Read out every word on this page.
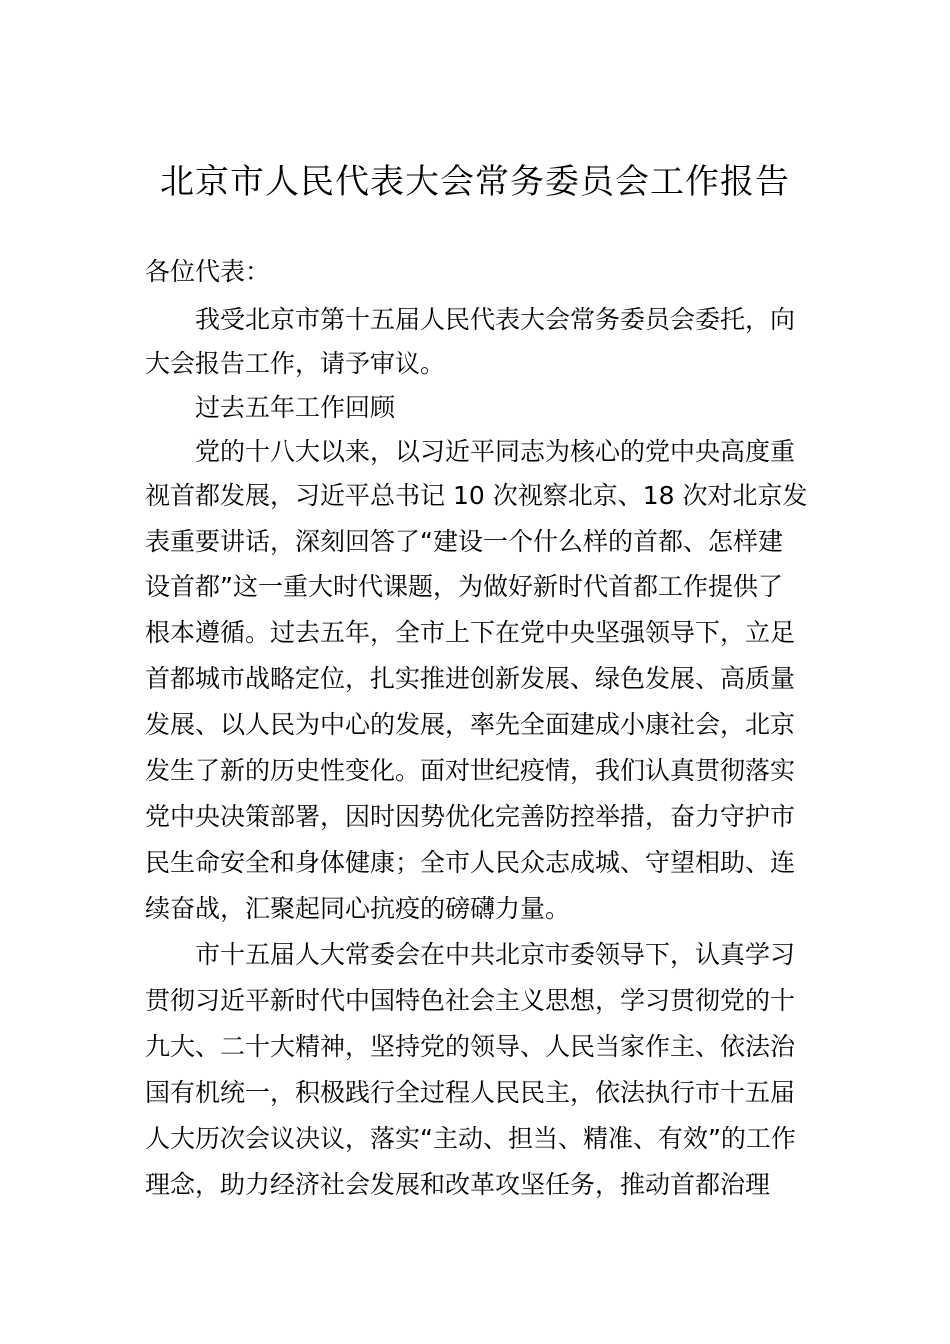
北京市人民代表大会常务委员会工作报告
各位代表：
我受北京市第十五届人民代表大会常务委员会委托，向
大会报告工作，请予审议。
过去五年工作回顾
党的十八大以来，以习近平同志为核心的党中央高度重
视首都发展，习近平总书记 10 次视察北京、18 次对北京发
表重要讲话，深刻回答了“建设一个什么样的首都、怎样建
设首都”这一重大时代课题，为做好新时代首都工作提供了
根本遵循。过去五年，全市上下在党中央坚强领导下，立足
首都城市战略定位，扎实推进创新发展、绿色发展、高质量
发展、以人民为中心的发展，率先全面建成小康社会，北京
发生了新的历史性变化。面对世纪疫情，我们认真贯彻落实
党中央决策部署，因时因势优化完善防控举措，奋力守护市
民生命安全和身体健康；全市人民众志成城、守望相助、连
续奋战，汇聚起同心抗疫的磅礴力量。
市十五届人大常委会在中共北京市委领导下，认真学习
贯彻习近平新时代中国特色社会主义思想，学习贯彻党的十
九大、二十大精神，坚持党的领导、人民当家作主、依法治
国有机统一，积极践行全过程人民民主，依法执行市十五届
人大历次会议决议，落实“主动、担当、精准、有效”的工作
理念，助力经济社会发展和改革攻坚任务，推动首都治理
